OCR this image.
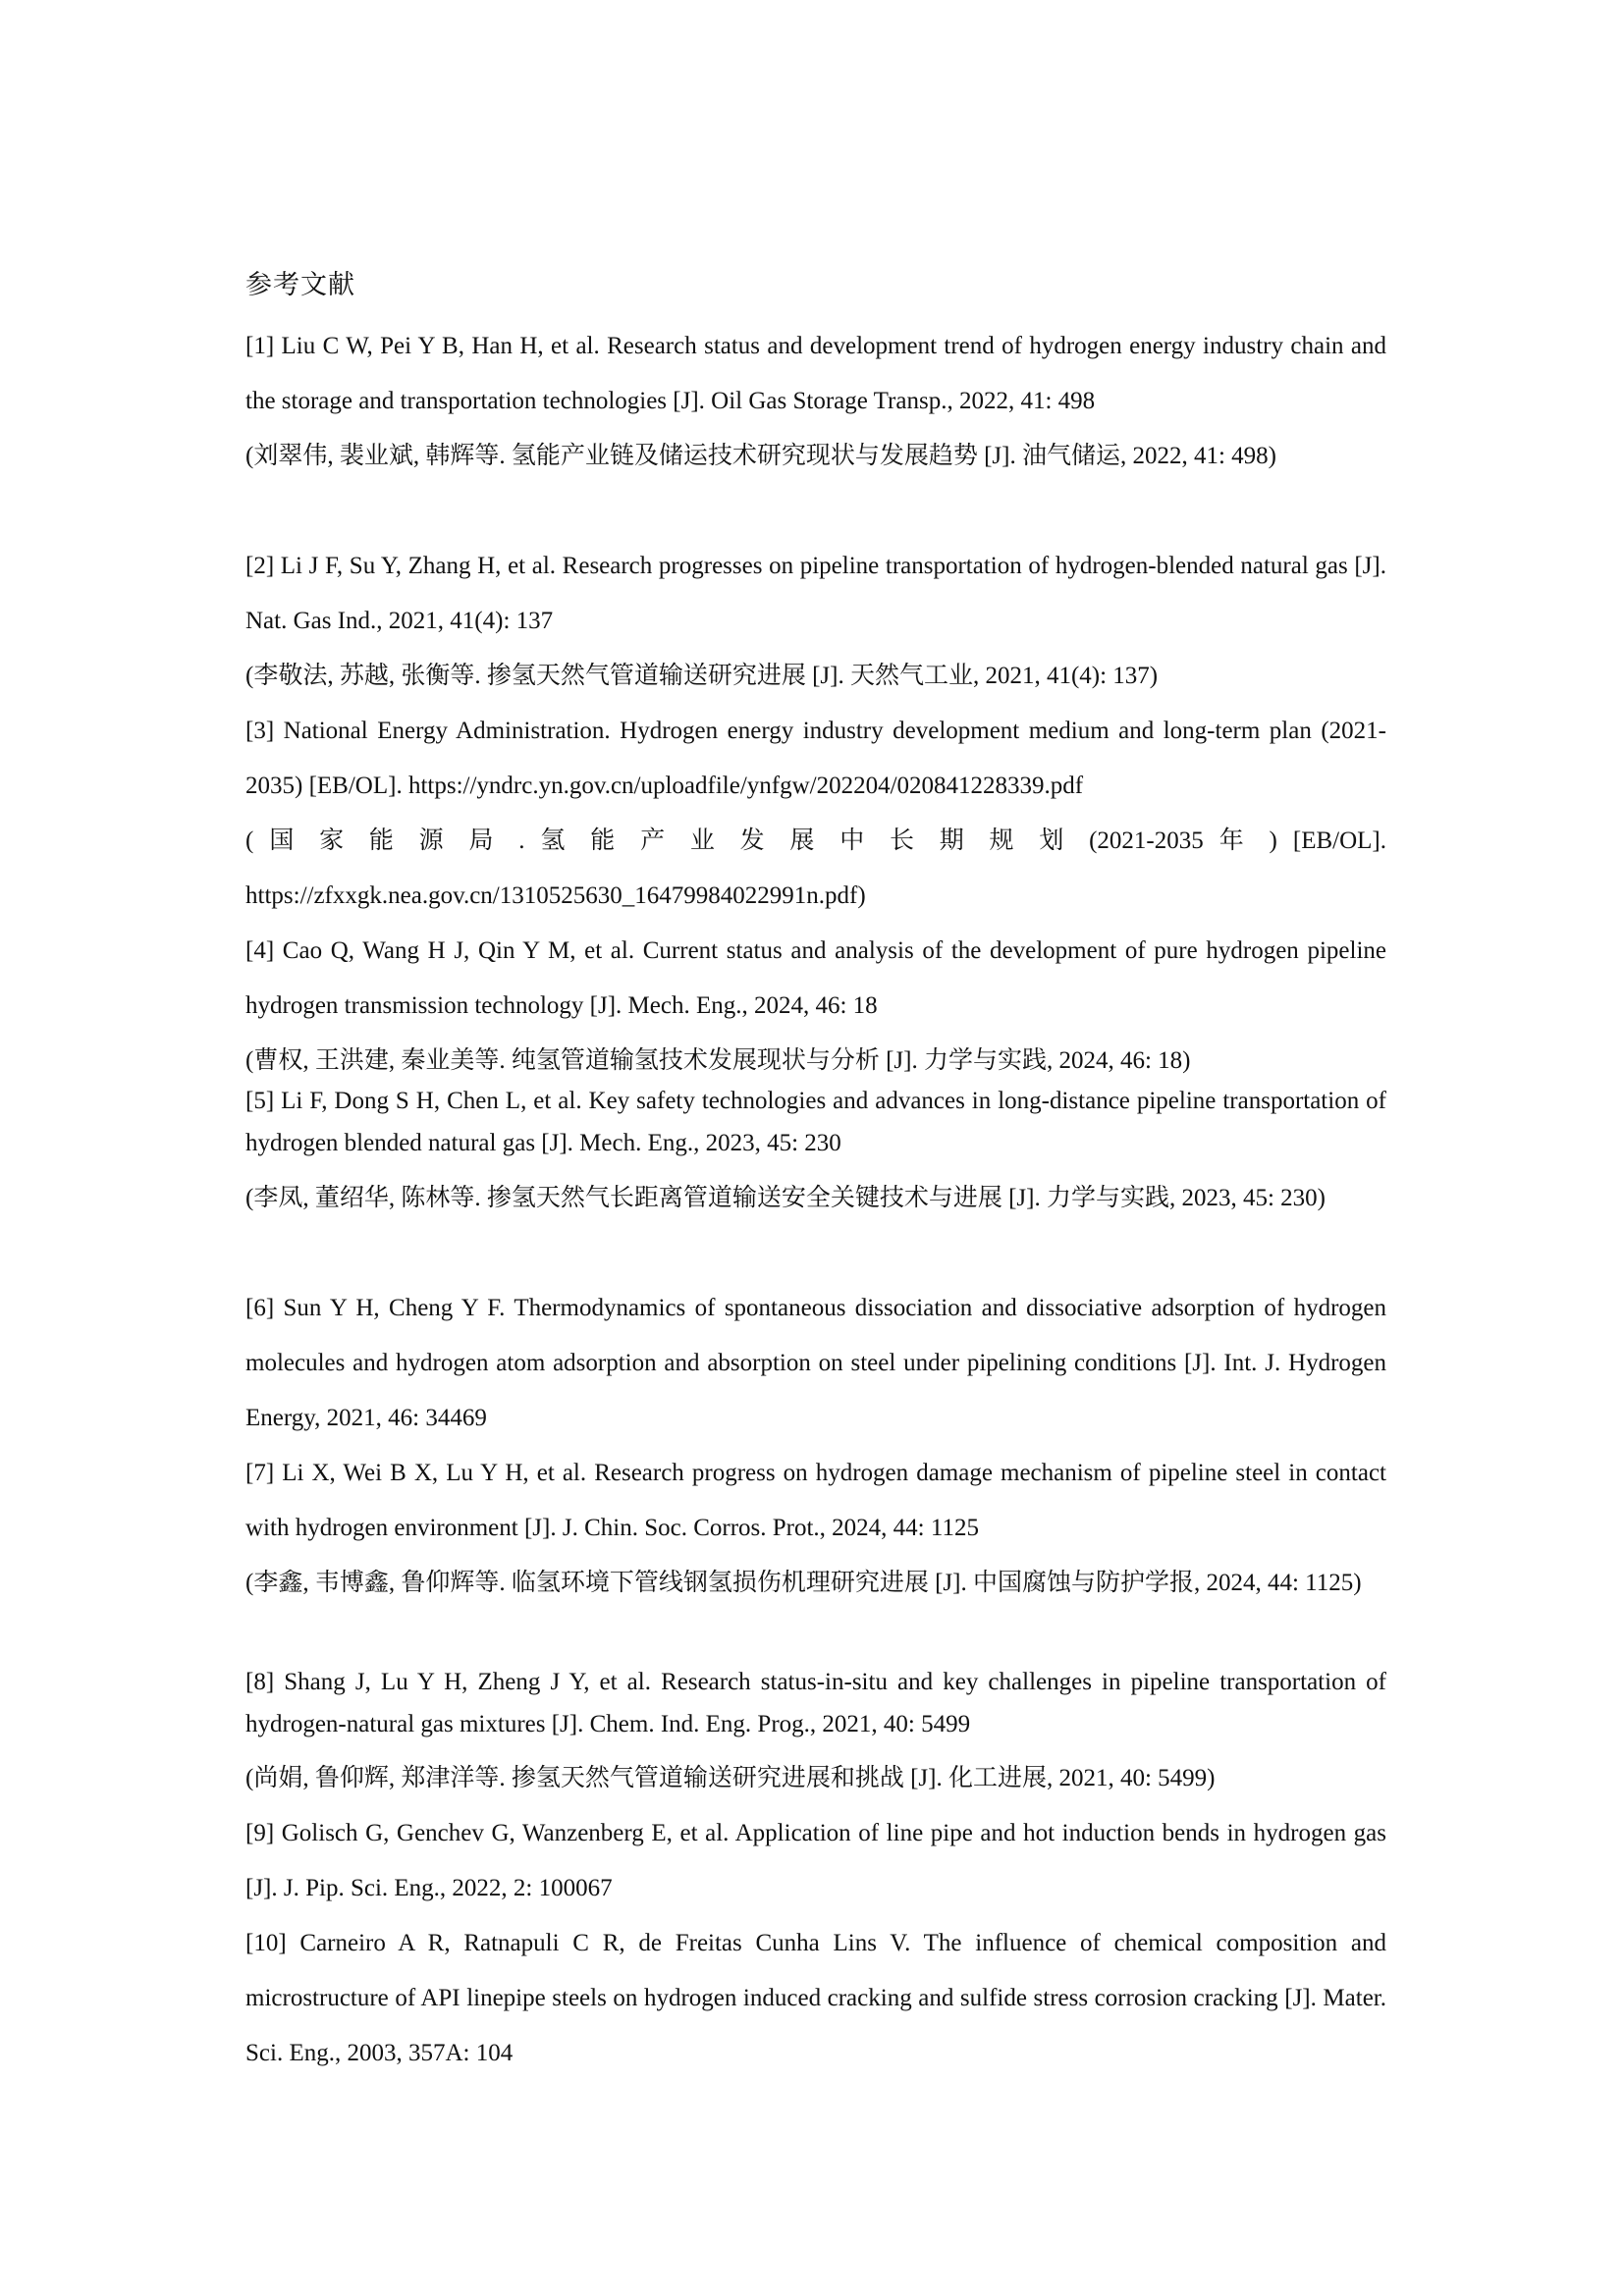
参考文献
[1] Liu C W, Pei Y B, Han H, et al. Research status and development trend of hydrogen energy industry chain and the storage and transportation technologies [J]. Oil Gas Storage Transp., 2022, 41: 498
(刘翠伟, 裴业斌, 韩辉等. 氢能产业链及储运技术研究现状与发展趋势 [J]. 油气储运, 2022, 41: 498)
[2] Li J F, Su Y, Zhang H, et al. Research progresses on pipeline transportation of hydrogen-blended natural gas [J]. Nat. Gas Ind., 2021, 41(4): 137
(李敬法, 苏越, 张衡等. 掺氢天然气管道输送研究进展 [J]. 天然气工业, 2021, 41(4): 137)
[3] National Energy Administration. Hydrogen energy industry development medium and long-term plan (2021-2035) [EB/OL]. https://yndrc.yn.gov.cn/uploadfile/ynfgw/202204/020841228339.pdf
( 国 家 能 源 局 . 氢 能 产 业 发 展 中 长 期 规 划 (2021-2035 年 ) [EB/OL].
https://zfxxgk.nea.gov.cn/1310525630_16479984022991n.pdf)
[4] Cao Q, Wang H J, Qin Y M, et al. Current status and analysis of the development of pure hydrogen pipeline hydrogen transmission technology [J]. Mech. Eng., 2024, 46: 18
(曹权, 王洪建, 秦业美等. 纯氢管道输氢技术发展现状与分析 [J]. 力学与实践, 2024, 46: 18)
[5] Li F, Dong S H, Chen L, et al. Key safety technologies and advances in long-distance pipeline transportation of hydrogen blended natural gas [J]. Mech. Eng., 2023, 45: 230
(李凤, 董绍华, 陈林等. 掺氢天然气长距离管道输送安全关键技术与进展 [J]. 力学与实践, 2023, 45: 230)
[6] Sun Y H, Cheng Y F. Thermodynamics of spontaneous dissociation and dissociative adsorption of hydrogen molecules and hydrogen atom adsorption and absorption on steel under pipelining conditions [J]. Int. J. Hydrogen Energy, 2021, 46: 34469
[7] Li X, Wei B X, Lu Y H, et al. Research progress on hydrogen damage mechanism of pipeline steel in contact with hydrogen environment [J]. J. Chin. Soc. Corros. Prot., 2024, 44: 1125
(李鑫, 韦博鑫, 鲁仰辉等. 临氢环境下管线钢氢损伤机理研究进展 [J]. 中国腐蚀与防护学报, 2024, 44: 1125)
[8] Shang J, Lu Y H, Zheng J Y, et al. Research status-in-situ and key challenges in pipeline transportation of hydrogen-natural gas mixtures [J]. Chem. Ind. Eng. Prog., 2021, 40: 5499
(尚娟, 鲁仰辉, 郑津洋等. 掺氢天然气管道输送研究进展和挑战 [J]. 化工进展, 2021, 40: 5499)
[9] Golisch G, Genchev G, Wanzenberg E, et al. Application of line pipe and hot induction bends in hydrogen gas [J]. J. Pip. Sci. Eng., 2022, 2: 100067
[10] Carneiro A R, Ratnapuli C R, de Freitas Cunha Lins V. The influence of chemical composition and microstructure of API linepipe steels on hydrogen induced cracking and sulfide stress corrosion cracking [J]. Mater. Sci. Eng., 2003, 357A: 104
